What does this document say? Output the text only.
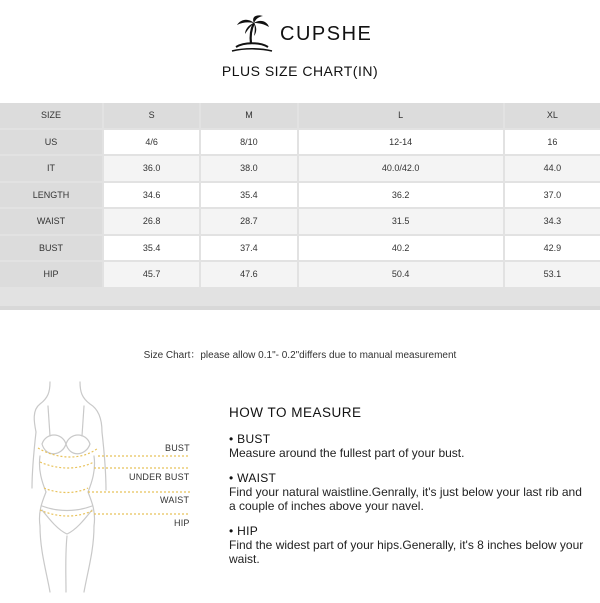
CUPSHE
PLUS SIZE CHART(IN)
SIZE	S	M	L	XL
US	4/6	8/10	12-14	16
IT	36.0	38.0	40.0/42.0	44.0
LENGTH	34.6	35.4	36.2	37.0
WAIST	26.8	28.7	31.5	34.3
BUST	35.4	37.4	40.2	42.9
HIP	45.7	47.6	50.4	53.1
Size Chart：please allow 0.1"- 0.2"differs due to manual measurement
BUST
UNDER BUST
WAIST
HIP
HOW TO MEASURE
• BUST
Measure around the fullest part of your bust.
• WAIST
Find your natural waistline.Genrally, it's just below your last rib and a couple of inches above your navel.
• HIP
Find the widest part of your hips.Generally, it's 8 inches below your waist.
